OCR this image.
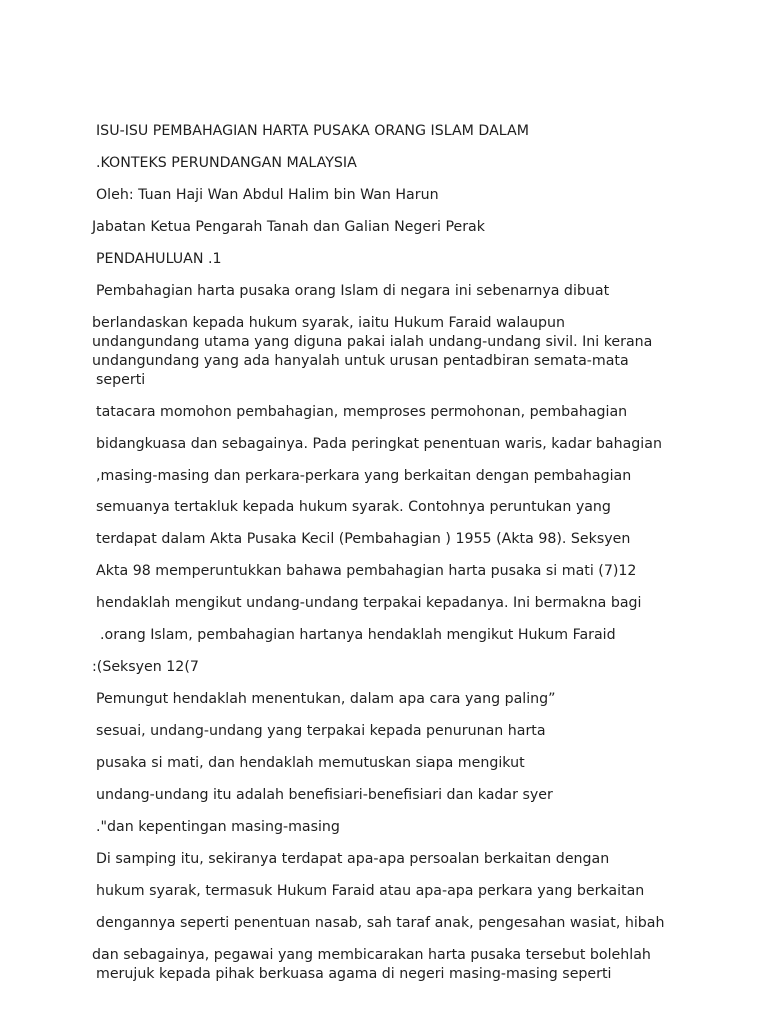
ISU-ISU PEMBAHAGIAN HARTA PUSAKA ORANG ISLAM DALAM
.KONTEKS PERUNDANGAN MALAYSIA
Oleh: Tuan Haji Wan Abdul Halim bin Wan Harun
Jabatan Ketua Pengarah Tanah dan Galian Negeri Perak
PENDAHULUAN .1
Pembahagian harta pusaka orang Islam di negara ini sebenarnya dibuat
berlandaskan kepada hukum syarak, iaitu Hukum Faraid walaupun
undangundang utama yang diguna pakai ialah undang-undang sivil. Ini kerana
undangundang yang ada hanyalah untuk urusan pentadbiran semata-mata
seperti
tatacara momohon pembahagian, memproses permohonan, pembahagian
bidangkuasa dan sebagainya. Pada peringkat penentuan waris, kadar bahagian
,masing-masing dan perkara-perkara yang berkaitan dengan pembahagian
semuanya tertakluk kepada hukum syarak. Contohnya peruntukan yang
terdapat dalam Akta Pusaka Kecil (Pembahagian ) 1955 (Akta 98). Seksyen
Akta 98 memperuntukkan bahawa pembahagian harta pusaka si mati (7)12
hendaklah mengikut undang-undang terpakai kepadanya. Ini bermakna bagi
.orang Islam, pembahagian hartanya hendaklah mengikut Hukum Faraid
:(Seksyen 12(7
Pemungut hendaklah menentukan, dalam apa cara yang paling”
sesuai, undang-undang yang terpakai kepada penurunan harta
pusaka si mati, dan hendaklah memutuskan siapa mengikut
undang-undang itu adalah benefisiari-benefisiari dan kadar syer
."dan kepentingan masing-masing
Di samping itu, sekiranya terdapat apa-apa persoalan berkaitan dengan
hukum syarak, termasuk Hukum Faraid atau apa-apa perkara yang berkaitan
dengannya seperti penentuan nasab, sah taraf anak, pengesahan wasiat, hibah
dan sebagainya, pegawai yang membicarakan harta pusaka tersebut bolehlah
merujuk kepada pihak berkuasa agama di negeri masing-masing seperti
